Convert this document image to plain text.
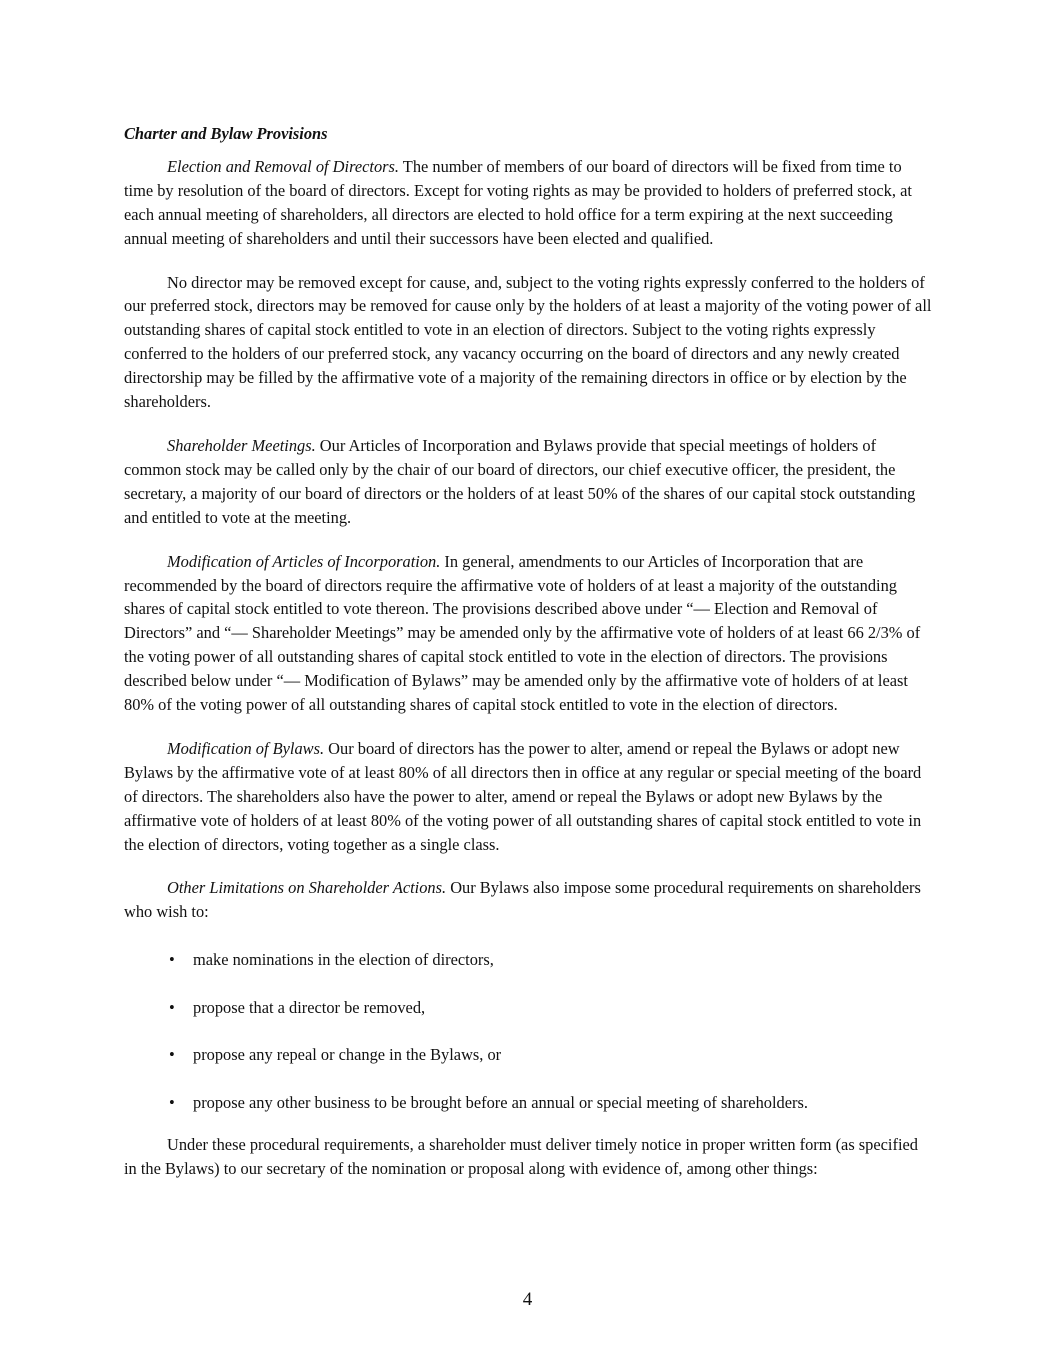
Charter and Bylaw Provisions

Election and Removal of Directors. The number of members of our board of directors will be fixed from time to time by resolution of the board of directors. Except for voting rights as may be provided to holders of preferred stock, at each annual meeting of shareholders, all directors are elected to hold office for a term expiring at the next succeeding annual meeting of shareholders and until their successors have been elected and qualified.

No director may be removed except for cause, and, subject to the voting rights expressly conferred to the holders of our preferred stock, directors may be removed for cause only by the holders of at least a majority of the voting power of all outstanding shares of capital stock entitled to vote in an election of directors. Subject to the voting rights expressly conferred to the holders of our preferred stock, any vacancy occurring on the board of directors and any newly created directorship may be filled by the affirmative vote of a majority of the remaining directors in office or by election by the shareholders.

Shareholder Meetings. Our Articles of Incorporation and Bylaws provide that special meetings of holders of common stock may be called only by the chair of our board of directors, our chief executive officer, the president, the secretary, a majority of our board of directors or the holders of at least 50% of the shares of our capital stock outstanding and entitled to vote at the meeting.

Modification of Articles of Incorporation. In general, amendments to our Articles of Incorporation that are recommended by the board of directors require the affirmative vote of holders of at least a majority of the outstanding shares of capital stock entitled to vote thereon. The provisions described above under “— Election and Removal of Directors” and “— Shareholder Meetings” may be amended only by the affirmative vote of holders of at least 66 2/3% of the voting power of all outstanding shares of capital stock entitled to vote in the election of directors. The provisions described below under “— Modification of Bylaws” may be amended only by the affirmative vote of holders of at least 80% of the voting power of all outstanding shares of capital stock entitled to vote in the election of directors.

Modification of Bylaws. Our board of directors has the power to alter, amend or repeal the Bylaws or adopt new Bylaws by the affirmative vote of at least 80% of all directors then in office at any regular or special meeting of the board of directors. The shareholders also have the power to alter, amend or repeal the Bylaws or adopt new Bylaws by the affirmative vote of holders of at least 80% of the voting power of all outstanding shares of capital stock entitled to vote in the election of directors, voting together as a single class.

Other Limitations on Shareholder Actions. Our Bylaws also impose some procedural requirements on shareholders who wish to:

• make nominations in the election of directors,
• propose that a director be removed,
• propose any repeal or change in the Bylaws, or
• propose any other business to be brought before an annual or special meeting of shareholders.

Under these procedural requirements, a shareholder must deliver timely notice in proper written form (as specified in the Bylaws) to our secretary of the nomination or proposal along with evidence of, among other things:

4
